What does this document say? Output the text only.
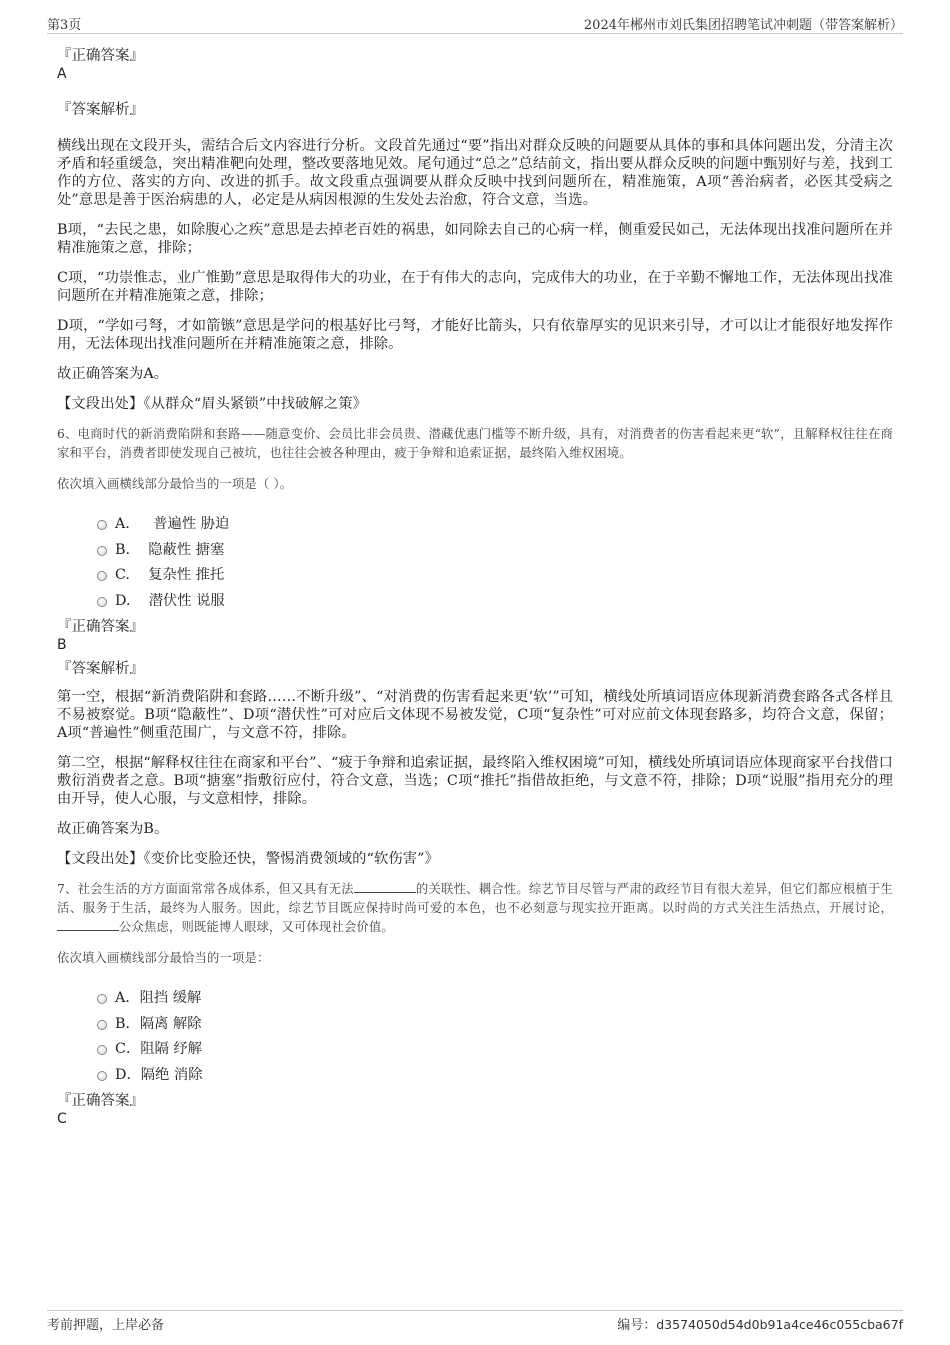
第3页	2024年郴州市刘氏集团招聘笔试冲刺题（带答案解析）

『正确答案』

A

『答案解析』

横线出现在文段开头，需结合后文内容进行分析。文段首先通过“要”指出对群众反映的问题要从具体的事和具体问题出发，分清主次矛盾和轻重缓急，突出精准靶向处理，整改要落地见效。尾句通过“总之”总结前文，指出要从群众反映的问题中甄别好与差，找到工作的方位、落实的方向、改进的抓手。故文段重点强调要从群众反映中找到问题所在，精准施策，A项“善治病者，必医其受病之处”意思是善于医治病患的人，必定是从病因根源的生发处去治愈，符合文意，当选。

B项，“去民之患，如除腹心之疾”意思是去掉老百姓的祸患，如同除去自己的心病一样，侧重爱民如己，无法体现出找准问题所在并精准施策之意，排除；

C项，“功崇惟志，业广惟勤”意思是取得伟大的功业，在于有伟大的志向，完成伟大的功业，在于辛勤不懈地工作，无法体现出找准问题所在并精准施策之意，排除；

D项，“学如弓弩，才如箭镞”意思是学问的根基好比弓弩，才能好比箭头，只有依靠厚实的见识来引导，才可以让才能很好地发挥作用，无法体现出找准问题所在并精准施策之意，排除。

故正确答案为A。

【文段出处】《从群众“眉头紧锁”中找破解之策》

6、电商时代的新消费陷阱和套路——随意变价、会员比非会员贵、潜藏优惠门槛等不断升级，具有，对消费者的伤害看起来更“软”，且解释权往往在商家和平台，消费者即使发现自己被坑，也往往会被各种理由，疲于争辩和追索证据，最终陷入维权困境。

依次填入画横线部分最恰当的一项是（ ）。

A． 普遍性 胁迫
B. 隐蔽性 搪塞
C. 复杂性 推托
D. 潜伏性 说服

『正确答案』

B

『答案解析』

第一空，根据“新消费陷阱和套路……不断升级”、“对消费的伤害看起来更‘软’”可知，横线处所填词语应体现新消费套路各式各样且不易被察觉。B项“隐蔽性”、D项“潜伏性”可对应后文体现不易被发觉，C项“复杂性”可对应前文体现套路多，均符合文意，保留；A项“普遍性”侧重范围广，与文意不符，排除。

第二空，根据“解释权往往在商家和平台”、“疲于争辩和追索证据，最终陷入维权困境”可知，横线处所填词语应体现商家平台找借口敷衍消费者之意。B项“搪塞”指敷衍应付，符合文意，当选；C项“推托”指借故拒绝，与文意不符，排除；D项“说服”指用充分的理由开导，使人心服，与文意相悖，排除。

故正确答案为B。

【文段出处】《变价比变脸还快，警惕消费领域的“软伤害”》

7、社会生活的方方面面常常各成体系，但又具有无法	的关联性、耦合性。综艺节目尽管与严肃的政经节目有很大差异，但它们都应根植于生活、服务于生活，最终为人服务。因此，综艺节目既应保持时尚可爱的本色，也不必刻意与现实拉开距离。以时尚的方式关注生活热点，开展讨论，公众焦虑，则既能博人眼球，又可体现社会价值。

依次填入画横线部分最恰当的一项是：

A．阻挡 缓解
B．隔离 解除
C．阻隔 纾解
D．隔绝 消除

『正确答案』

C

考前押题，上岸必备	编号：d3574050d54d0b91a4ce46c055cba67f
